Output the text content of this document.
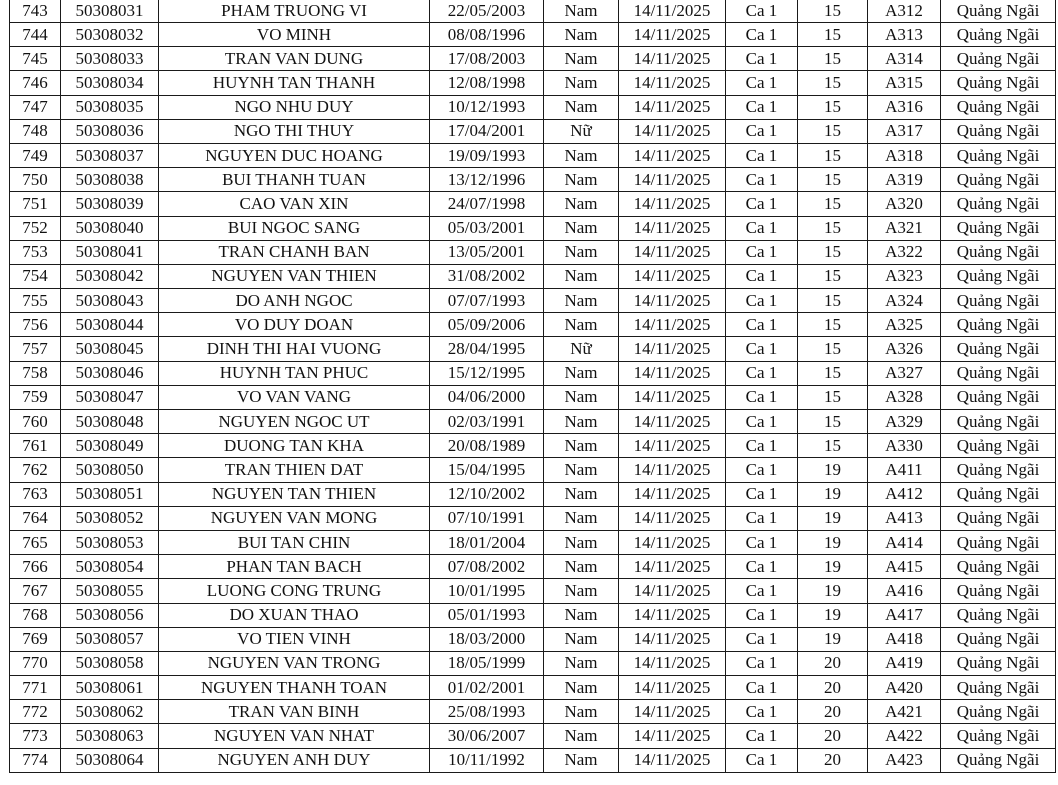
743	50308031	PHAM TRUONG VI	22/05/2003	Nam	14/11/2025	Ca 1	15	A312	Quảng Ngãi
744	50308032	VO MINH	08/08/1996	Nam	14/11/2025	Ca 1	15	A313	Quảng Ngãi
745	50308033	TRAN VAN DUNG	17/08/2003	Nam	14/11/2025	Ca 1	15	A314	Quảng Ngãi
746	50308034	HUYNH TAN THANH	12/08/1998	Nam	14/11/2025	Ca 1	15	A315	Quảng Ngãi
747	50308035	NGO NHU DUY	10/12/1993	Nam	14/11/2025	Ca 1	15	A316	Quảng Ngãi
748	50308036	NGO THI THUY	17/04/2001	Nữ	14/11/2025	Ca 1	15	A317	Quảng Ngãi
749	50308037	NGUYEN DUC HOANG	19/09/1993	Nam	14/11/2025	Ca 1	15	A318	Quảng Ngãi
750	50308038	BUI THANH TUAN	13/12/1996	Nam	14/11/2025	Ca 1	15	A319	Quảng Ngãi
751	50308039	CAO VAN XIN	24/07/1998	Nam	14/11/2025	Ca 1	15	A320	Quảng Ngãi
752	50308040	BUI NGOC SANG	05/03/2001	Nam	14/11/2025	Ca 1	15	A321	Quảng Ngãi
753	50308041	TRAN CHANH BAN	13/05/2001	Nam	14/11/2025	Ca 1	15	A322	Quảng Ngãi
754	50308042	NGUYEN VAN THIEN	31/08/2002	Nam	14/11/2025	Ca 1	15	A323	Quảng Ngãi
755	50308043	DO ANH NGOC	07/07/1993	Nam	14/11/2025	Ca 1	15	A324	Quảng Ngãi
756	50308044	VO DUY DOAN	05/09/2006	Nam	14/11/2025	Ca 1	15	A325	Quảng Ngãi
757	50308045	DINH THI HAI VUONG	28/04/1995	Nữ	14/11/2025	Ca 1	15	A326	Quảng Ngãi
758	50308046	HUYNH TAN PHUC	15/12/1995	Nam	14/11/2025	Ca 1	15	A327	Quảng Ngãi
759	50308047	VO VAN VANG	04/06/2000	Nam	14/11/2025	Ca 1	15	A328	Quảng Ngãi
760	50308048	NGUYEN NGOC UT	02/03/1991	Nam	14/11/2025	Ca 1	15	A329	Quảng Ngãi
761	50308049	DUONG TAN KHA	20/08/1989	Nam	14/11/2025	Ca 1	15	A330	Quảng Ngãi
762	50308050	TRAN THIEN DAT	15/04/1995	Nam	14/11/2025	Ca 1	19	A411	Quảng Ngãi
763	50308051	NGUYEN TAN THIEN	12/10/2002	Nam	14/11/2025	Ca 1	19	A412	Quảng Ngãi
764	50308052	NGUYEN VAN MONG	07/10/1991	Nam	14/11/2025	Ca 1	19	A413	Quảng Ngãi
765	50308053	BUI TAN CHIN	18/01/2004	Nam	14/11/2025	Ca 1	19	A414	Quảng Ngãi
766	50308054	PHAN TAN BACH	07/08/2002	Nam	14/11/2025	Ca 1	19	A415	Quảng Ngãi
767	50308055	LUONG CONG TRUNG	10/01/1995	Nam	14/11/2025	Ca 1	19	A416	Quảng Ngãi
768	50308056	DO XUAN THAO	05/01/1993	Nam	14/11/2025	Ca 1	19	A417	Quảng Ngãi
769	50308057	VO TIEN VINH	18/03/2000	Nam	14/11/2025	Ca 1	19	A418	Quảng Ngãi
770	50308058	NGUYEN VAN TRONG	18/05/1999	Nam	14/11/2025	Ca 1	20	A419	Quảng Ngãi
771	50308061	NGUYEN THANH TOAN	01/02/2001	Nam	14/11/2025	Ca 1	20	A420	Quảng Ngãi
772	50308062	TRAN VAN BINH	25/08/1993	Nam	14/11/2025	Ca 1	20	A421	Quảng Ngãi
773	50308063	NGUYEN VAN NHAT	30/06/2007	Nam	14/11/2025	Ca 1	20	A422	Quảng Ngãi
774	50308064	NGUYEN ANH DUY	10/11/1992	Nam	14/11/2025	Ca 1	20	A423	Quảng Ngãi
